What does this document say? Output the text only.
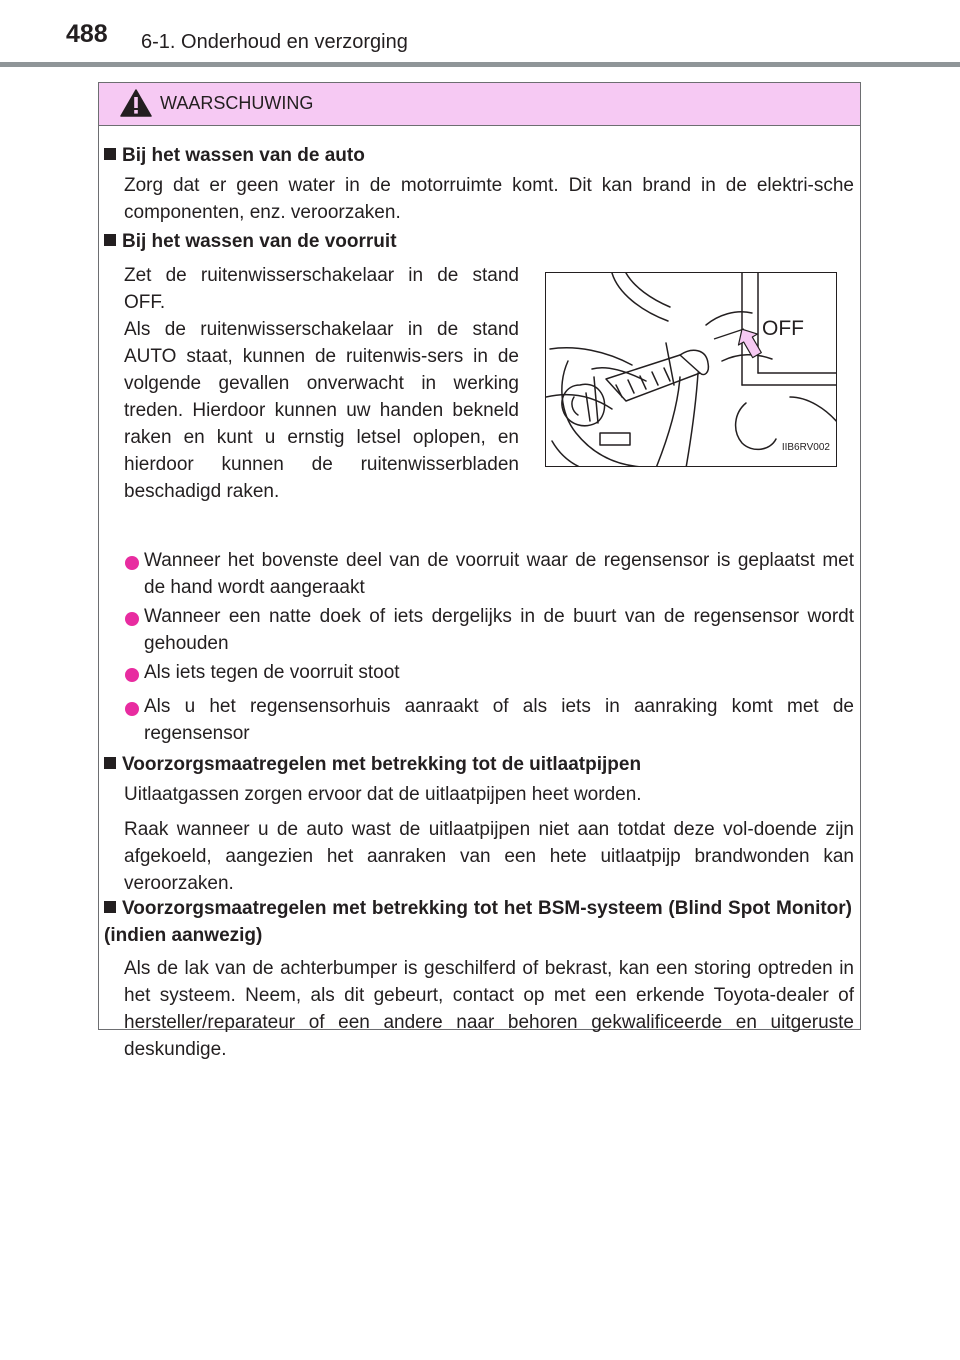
488 6-1. Onderhoud en verzorging
WAARSCHUWING
Bij het wassen van de auto
Zorg dat er geen water in de motorruimte komt. Dit kan brand in de elektri-sche componenten, enz. veroorzaken.
Bij het wassen van de voorruit
Zet de ruitenwisserschakelaar in de stand OFF.
Als de ruitenwisserschakelaar in de stand AUTO staat, kunnen de ruitenwis-sers in de volgende gevallen onverwacht in werking treden. Hierdoor kunnen uw handen bekneld raken en kunt u ernstig letsel oplopen, en hierdoor kunnen de ruitenwisserbladen beschadigd raken.
OFF
IIB6RV002
Wanneer het bovenste deel van de voorruit waar de regensensor is geplaatst met de hand wordt aangeraakt
Wanneer een natte doek of iets dergelijks in de buurt van de regensensor wordt gehouden
Als iets tegen de voorruit stoot
Als u het regensensorhuis aanraakt of als iets in aanraking komt met de regensensor
Voorzorgsmaatregelen met betrekking tot de uitlaatpijpen
Uitlaatgassen zorgen ervoor dat de uitlaatpijpen heet worden.
Raak wanneer u de auto wast de uitlaatpijpen niet aan totdat deze vol-doende zijn afgekoeld, aangezien het aanraken van een hete uitlaatpijp brandwonden kan veroorzaken.
Voorzorgsmaatregelen met betrekking tot het BSM-systeem (Blind Spot Monitor) (indien aanwezig)
Als de lak van de achterbumper is geschilferd of bekrast, kan een storing optreden in het systeem. Neem, als dit gebeurt, contact op met een erkende Toyota-dealer of hersteller/reparateur of een andere naar behoren gekwalificeerde en uitgeruste deskundige.
